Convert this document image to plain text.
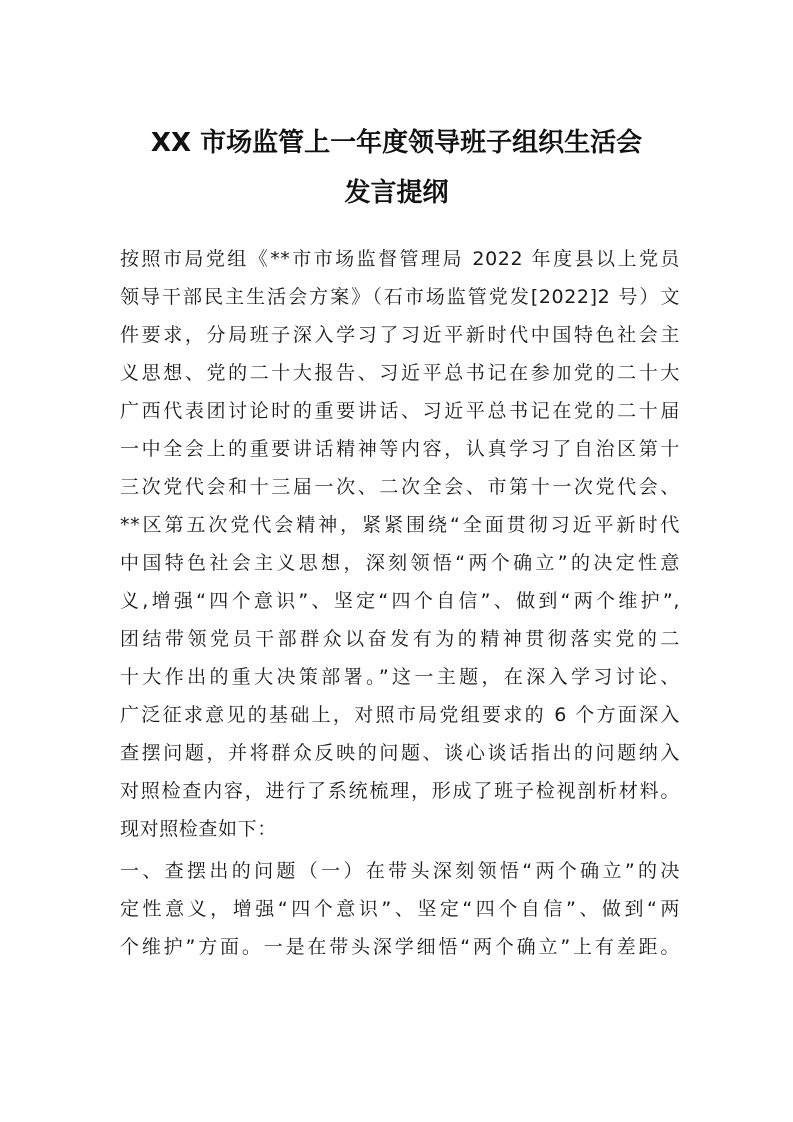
XX 市场监管上一年度领导班子组织生活会
发言提纲

按照市局党组《**市市场监督管理局 2022 年度县以上党员
领导干部民主生活会方案》（石市场监管党发[2022]2 号）文
件要求，分局班子深入学习了习近平新时代中国特色社会主
义思想、党的二十大报告、习近平总书记在参加党的二十大
广西代表团讨论时的重要讲话、习近平总书记在党的二十届
一中全会上的重要讲话精神等内容，认真学习了自治区第十
三次党代会和十三届一次、二次全会、市第十一次党代会、
**区第五次党代会精神，紧紧围绕“全面贯彻习近平新时代
中国特色社会主义思想，深刻领悟“两个确立”的决定性意
义,增强“四个意识”、坚定“四个自信”、做到“两个维护”,
团结带领党员干部群众以奋发有为的精神贯彻落实党的二
十大作出的重大决策部署。”这一主题，在深入学习讨论、
广泛征求意见的基础上，对照市局党组要求的 6 个方面深入
查摆问题，并将群众反映的问题、谈心谈话指出的问题纳入
对照检查内容，进行了系统梳理，形成了班子检视剖析材料。
现对照检查如下：

一、查摆出的问题（一）在带头深刻领悟“两个确立”的决
定性意义，增强“四个意识”、坚定“四个自信”、做到“两
个维护”方面。一是在带头深学细悟“两个确立”上有差距。
